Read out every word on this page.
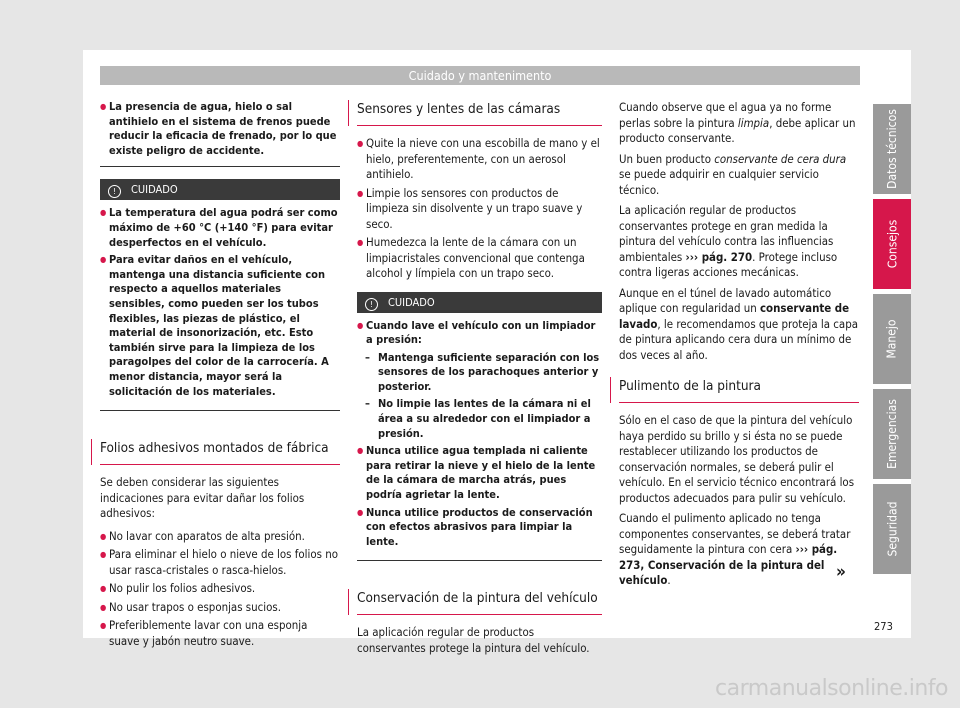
Cuidado y mantenimento
● La presencia de agua, hielo o sal antihielo en el sistema de frenos puede reducir la eficacia de frenado, por lo que existe peligro de accidente.
! CUIDADO
● La temperatura del agua podrá ser como máximo de +60 °C (+140 °F) para evitar desperfectos en el vehículo.
● Para evitar daños en el vehículo, mantenga una distancia suficiente con respecto a aquellos materiales sensibles, como pueden ser los tubos flexibles, las piezas de plástico, el material de insonorización, etc. Esto también sirve para la limpieza de los paragolpes del color de la carrocería. A menor distancia, mayor será la solicitación de los materiales.
Folios adhesivos montados de fábrica

Se deben considerar las siguientes indicaciones para evitar dañar los folios adhesivos:

● No lavar con aparatos de alta presión.
● Para eliminar el hielo o nieve de los folios no usar rasca-cristales o rasca-hielos.
● No pulir los folios adhesivos.
● No usar trapos o esponjas sucios.
● Preferiblemente lavar con una esponja suave y jabón neutro suave.
Sensores y lentes de las cámaras
● Quite la nieve con una escobilla de mano y el hielo, preferentemente, con un aerosol antihielo.
● Limpie los sensores con productos de limpieza sin disolvente y un trapo suave y seco.
● Humedezca la lente de la cámara con un limpiacristales convencional que contenga alcohol y límpiela con un trapo seco.
! CUIDADO
● Cuando lave el vehículo con un limpiador a presión:
– Mantenga suficiente separación con los sensores de los parachoques anterior y posterior.
– No limpie las lentes de la cámara ni el área a su alrededor con el limpiador a presión.
● Nunca utilice agua templada ni caliente para retirar la nieve y el hielo de la lente de la cámara de marcha atrás, pues podría agrietar la lente.
● Nunca utilice productos de conservación con efectos abrasivos para limpiar la lente.
Conservación de la pintura del vehículo

La aplicación regular de productos conservantes protege la pintura del vehículo.

Cuando observe que el agua ya no forme perlas sobre la pintura limpia, debe aplicar un producto conservante.

Un buen producto conservante de cera dura se puede adquirir en cualquier servicio técnico.

La aplicación regular de productos conservantes protege en gran medida la pintura del vehículo contra las influencias ambientales ››› pág. 270. Protege incluso contra ligeras acciones mecánicas.

Aunque en el túnel de lavado automático aplique con regularidad un conservante de lavado, le recomendamos que proteja la capa de pintura aplicando cera dura un mínimo de dos veces al año.

Pulimento de la pintura

Sólo en el caso de que la pintura del vehículo haya perdido su brillo y si ésta no se puede restablecer utilizando los productos de conservación normales, se deberá pulir el vehículo. En el servicio técnico encontrará los productos adecuados para pulir su vehículo.

Cuando el pulimento aplicado no tenga componentes conservantes, se deberá tratar seguidamente la pintura con cera ››› pág. 273, Conservación de la pintura del vehículo.	»
Datos técnicos
Consejos
Manejo
Emergencias
Seguridad
273
carmanualsonline.info
